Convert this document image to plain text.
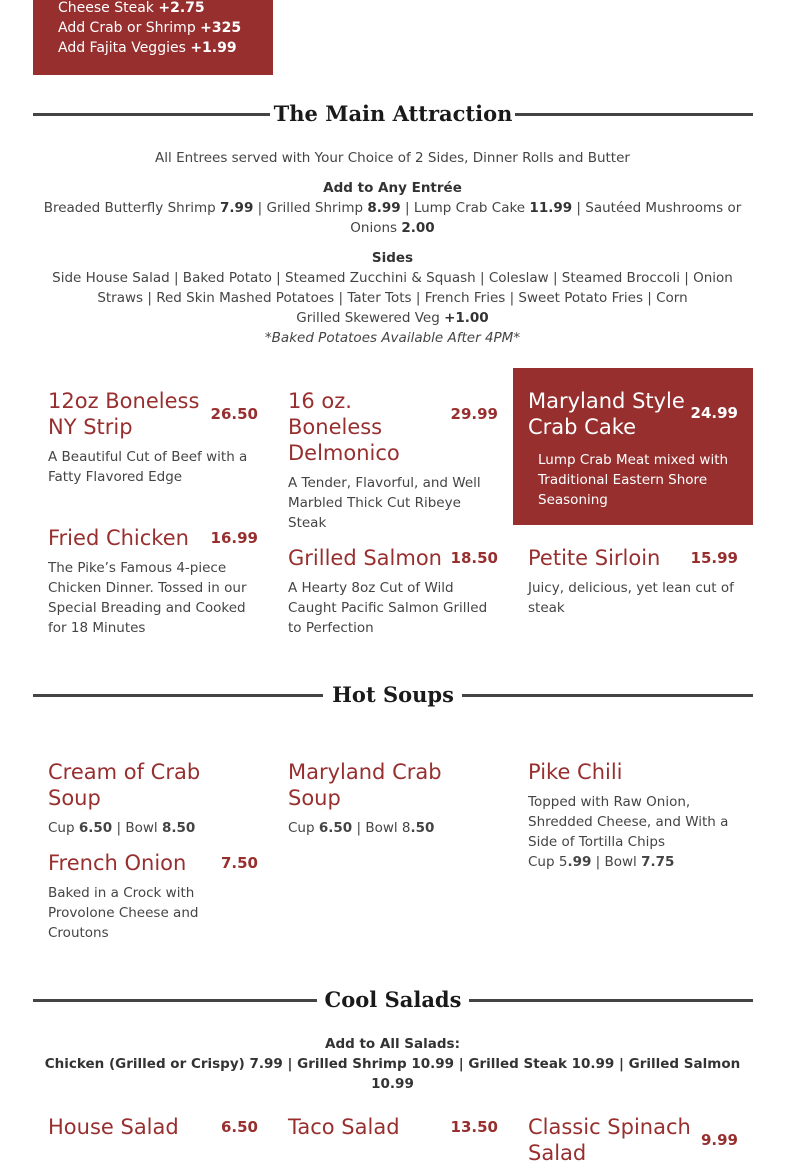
Cheese Steak +2.75
Add Crab or Shrimp +325
Add Fajita Veggies +1.99
The Main Attraction
All Entrees served with Your Choice of 2 Sides, Dinner Rolls and Butter
Add to Any Entrée
Breaded Butterfly Shrimp 7.99 | Grilled Shrimp 8.99 | Lump Crab Cake 11.99 | Sautéed Mushrooms or Onions 2.00
Sides
Side House Salad | Baked Potato | Steamed Zucchini & Squash | Coleslaw | Steamed Broccoli | Onion Straws | Red Skin Mashed Potatoes | Tater Tots | French Fries | Sweet Potato Fries | Corn
Grilled Skewered Veg +1.00
*Baked Potatoes Available After 4PM*
12oz Boneless NY Strip
26.50
A Beautiful Cut of Beef with a Fatty Flavored Edge
16 oz. Boneless Delmonico
29.99
A Tender, Flavorful, and Well Marbled Thick Cut Ribeye Steak
Maryland Style Crab Cake
24.99
Lump Crab Meat mixed with Traditional Eastern Shore Seasoning
Fried Chicken	16.99
The Pike’s Famous 4-piece Chicken Dinner. Tossed in our Special Breading and Cooked for 18 Minutes
Grilled Salmon 18.50
A Hearty 8oz Cut of Wild Caught Pacific Salmon Grilled to Perfection
Petite Sirloin	15.99
Juicy, delicious, yet lean cut of steak
Hot Soups
Cream of Crab Soup
Cup 6.50 | Bowl 8.50
Maryland Crab Soup
Cup 6.50 | Bowl 8.50
Pike Chili
Topped with Raw Onion, Shredded Cheese, and With a Side of Tortilla Chips
Cup 5.99 | Bowl 7.75
French Onion	7.50
Baked in a Crock with Provolone Cheese and Croutons
Cool Salads
Add to All Salads:
Chicken (Grilled or Crispy) 7.99 | Grilled Shrimp 10.99 | Grilled Steak 10.99 | Grilled Salmon 10.99
House Salad	6.50 Taco Salad	13.50 Classic Spinach Salad
9.99
